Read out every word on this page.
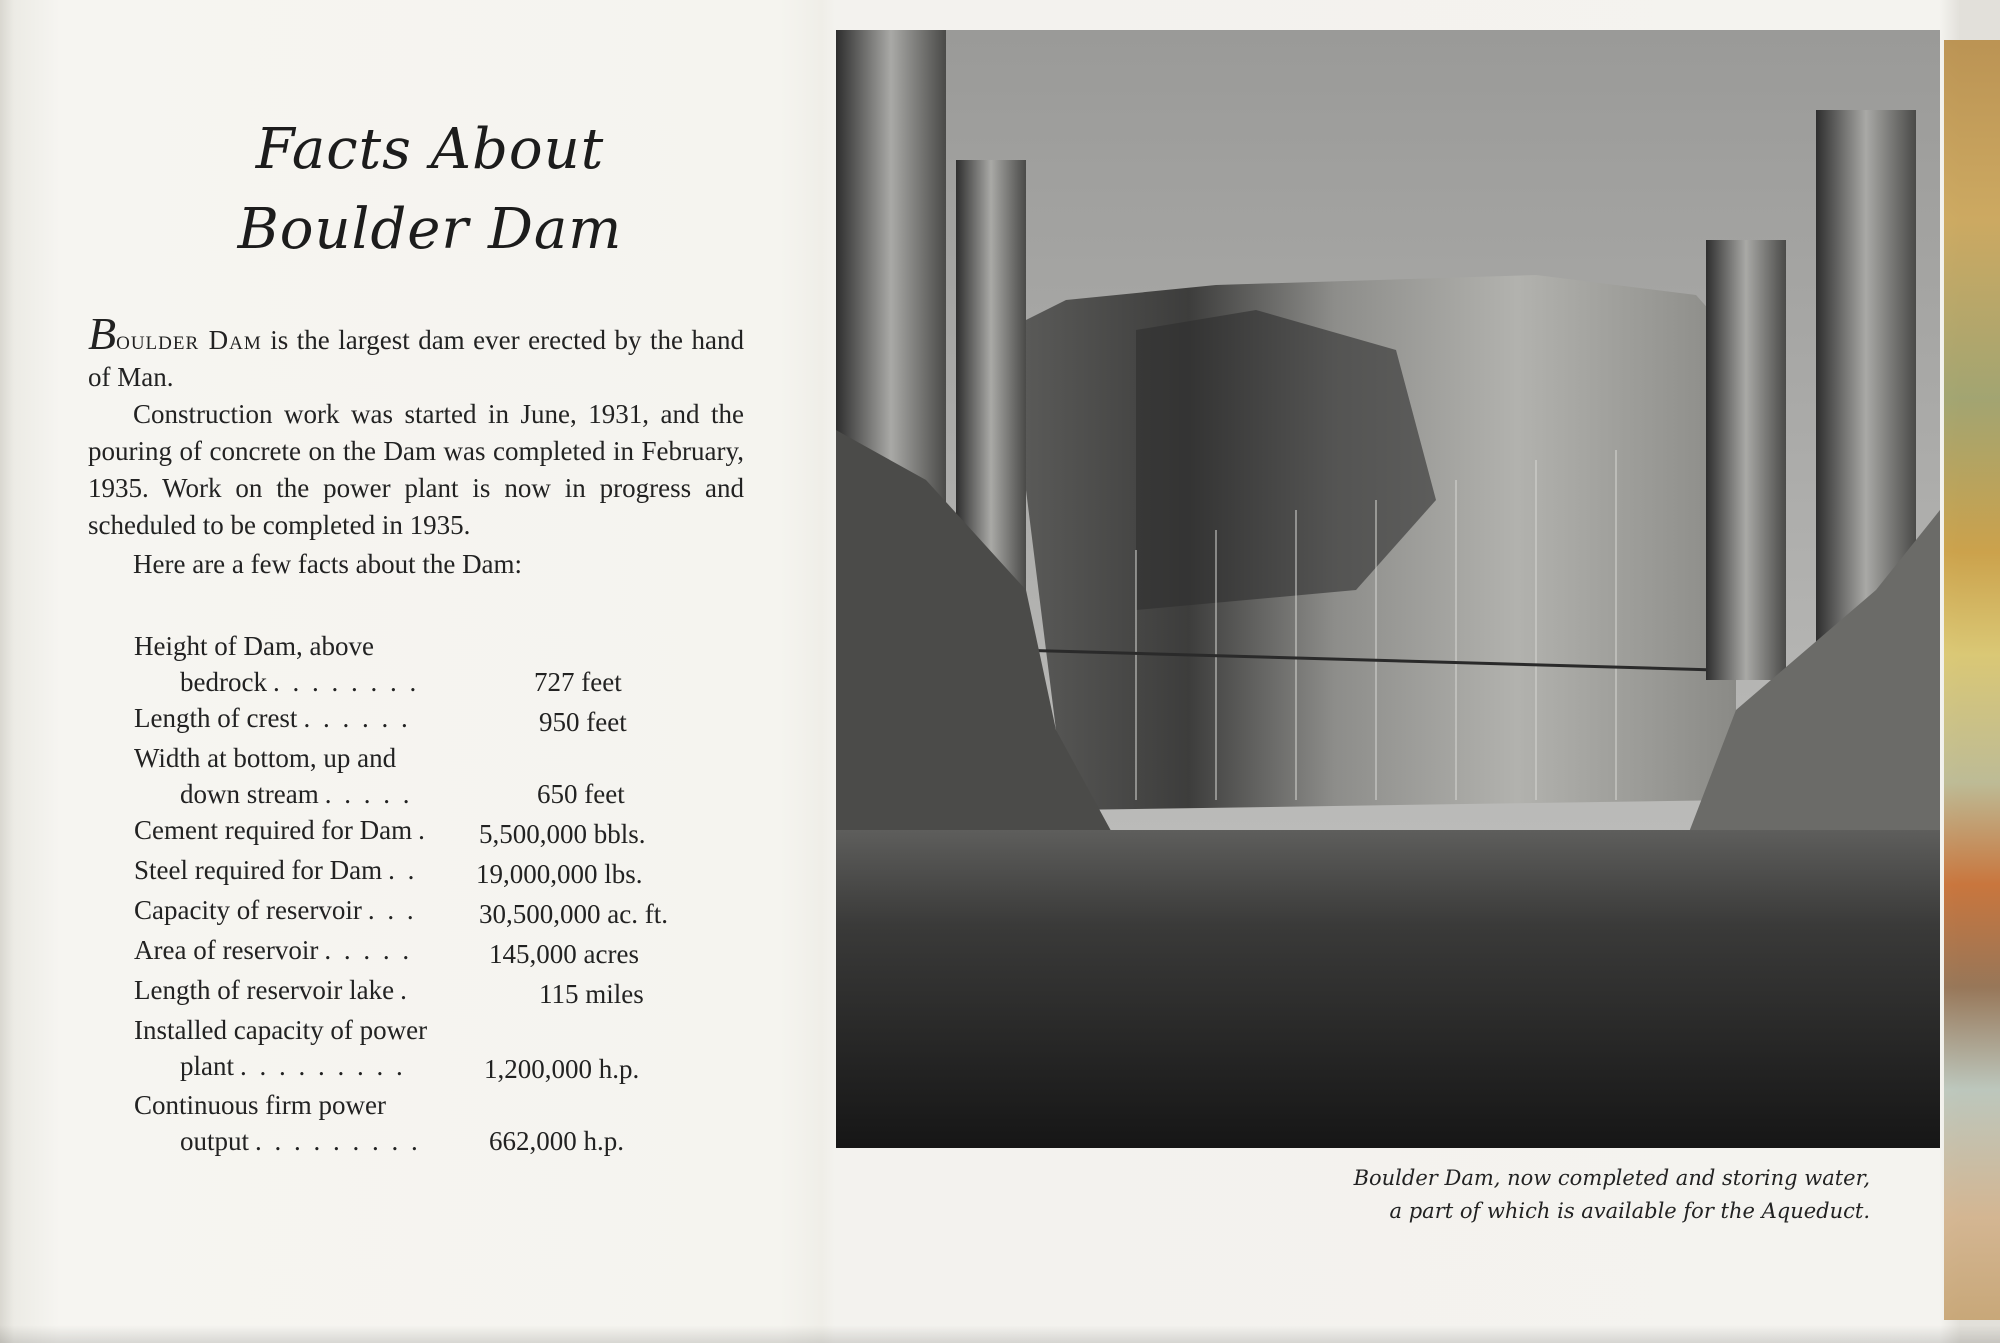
Facts About
Boulder Dam

Boulder Dam is the largest dam ever erected by the hand of Man.

Construction work was started in June, 1931, and the pouring of concrete on the Dam was completed in February, 1935. Work on the power plant is now in progress and scheduled to be completed in 1935.

Here are a few facts about the Dam:

Height of Dam, above
bedrock . . . . . . . .	727 feet
Length of crest . . . . . .	950 feet
Width at bottom, up and
down stream . . . . .	650 feet
Cement required for Dam .	5,500,000 bbls.
Steel required for Dam . .	19,000,000 lbs.
Capacity of reservoir . . .	30,500,000 ac. ft.
Area of reservoir . . . . .	145,000 acres
Length of reservoir lake .	115 miles
Installed capacity of power
plant . . . . . . . . .	1,200,000 h.p.
Continuous firm power
output . . . . . . . . .	662,000 h.p.
Boulder Dam, now completed and storing water,
a part of which is available for the Aqueduct.
